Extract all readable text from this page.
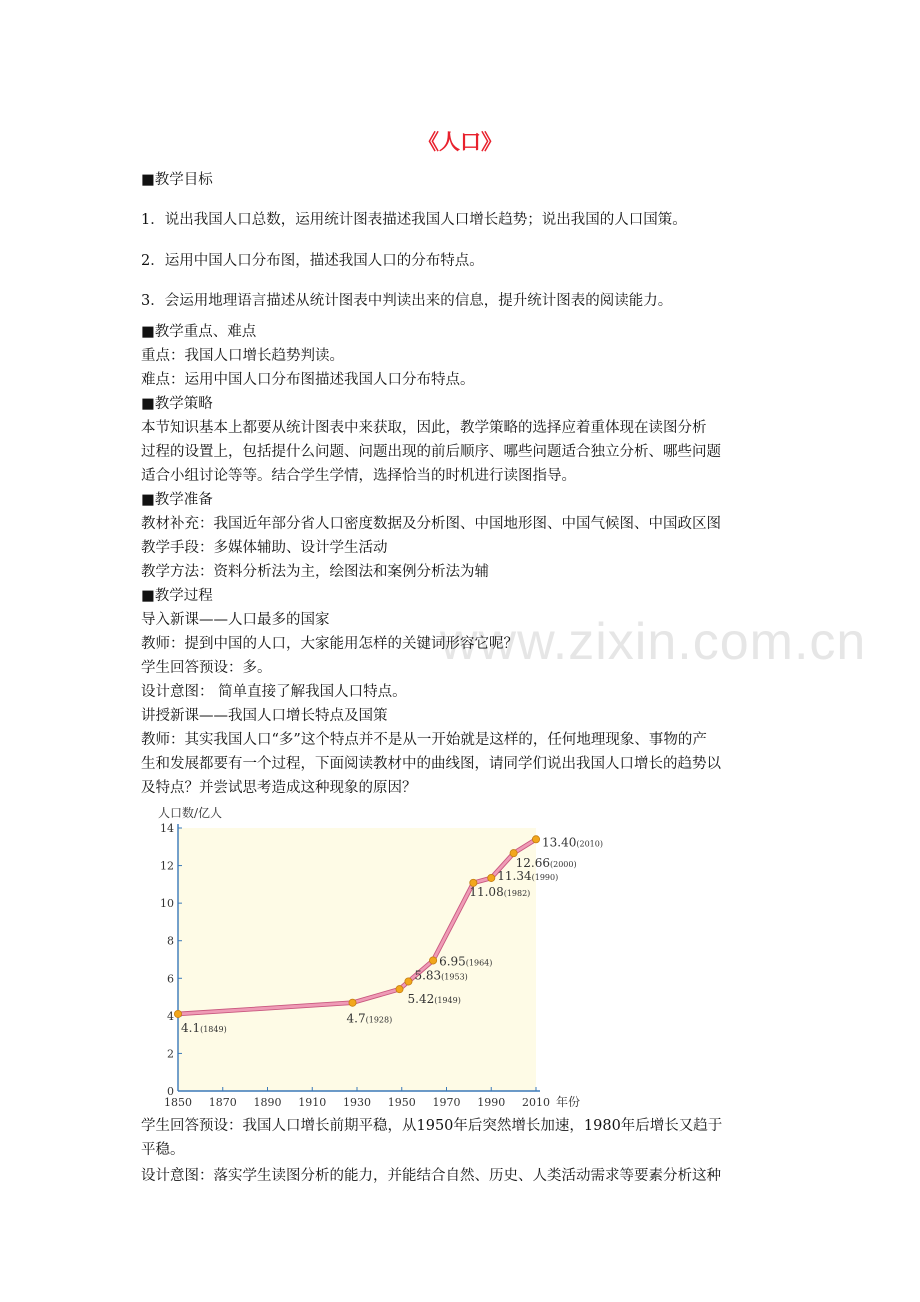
www.zixin.com.cn
《人口》
■教学目标
1．说出我国人口总数，运用统计图表描述我国人口增长趋势；说出我国的人口国策。
2．运用中国人口分布图，描述我国人口的分布特点。
3．会运用地理语言描述从统计图表中判读出来的信息，提升统计图表的阅读能力。
■教学重点、难点
重点：我国人口增长趋势判读。
难点：运用中国人口分布图描述我国人口分布特点。
■教学策略
本节知识基本上都要从统计图表中来获取，因此，教学策略的选择应着重体现在读图分析
过程的设置上，包括提什么问题、问题出现的前后顺序、哪些问题适合独立分析、哪些问题
适合小组讨论等等。结合学生学情，选择恰当的时机进行读图指导。
■教学准备
教材补充：我国近年部分省人口密度数据及分析图、中国地形图、中国气候图、中国政区图
教学手段：多媒体辅助、设计学生活动
教学方法：资料分析法为主，绘图法和案例分析法为辅
■教学过程
导入新课——人口最多的国家
教师：提到中国的人口，大家能用怎样的关键词形容它呢？
学生回答预设：多。
设计意图： 简单直接了解我国人口特点。
讲授新课——我国人口增长特点及国策
教师：其实我国人口“多”这个特点并不是从一开始就是这样的，任何地理现象、事物的产
生和发展都要有一个过程，下面阅读教材中的曲线图，请同学们说出我国人口增长的趋势以
及特点？并尝试思考造成这种现象的原因？
0
2
4
6
8
10
12
14
1850 1870 1890 1910 1930 1950 1970 1990 2010
人口数/亿人
年份
4.1(1849)
4.7(1928)
5.42(1949)
5.83(1953)
6.95(1964)
11.08(1982)
11.34(1990)
12.66(2000)
13.40(2010)
学生回答预设：我国人口增长前期平稳，从1950年后突然增长加速，1980年后增长又趋于
平稳。
设计意图：落实学生读图分析的能力，并能结合自然、历史、人类活动需求等要素分析这种
